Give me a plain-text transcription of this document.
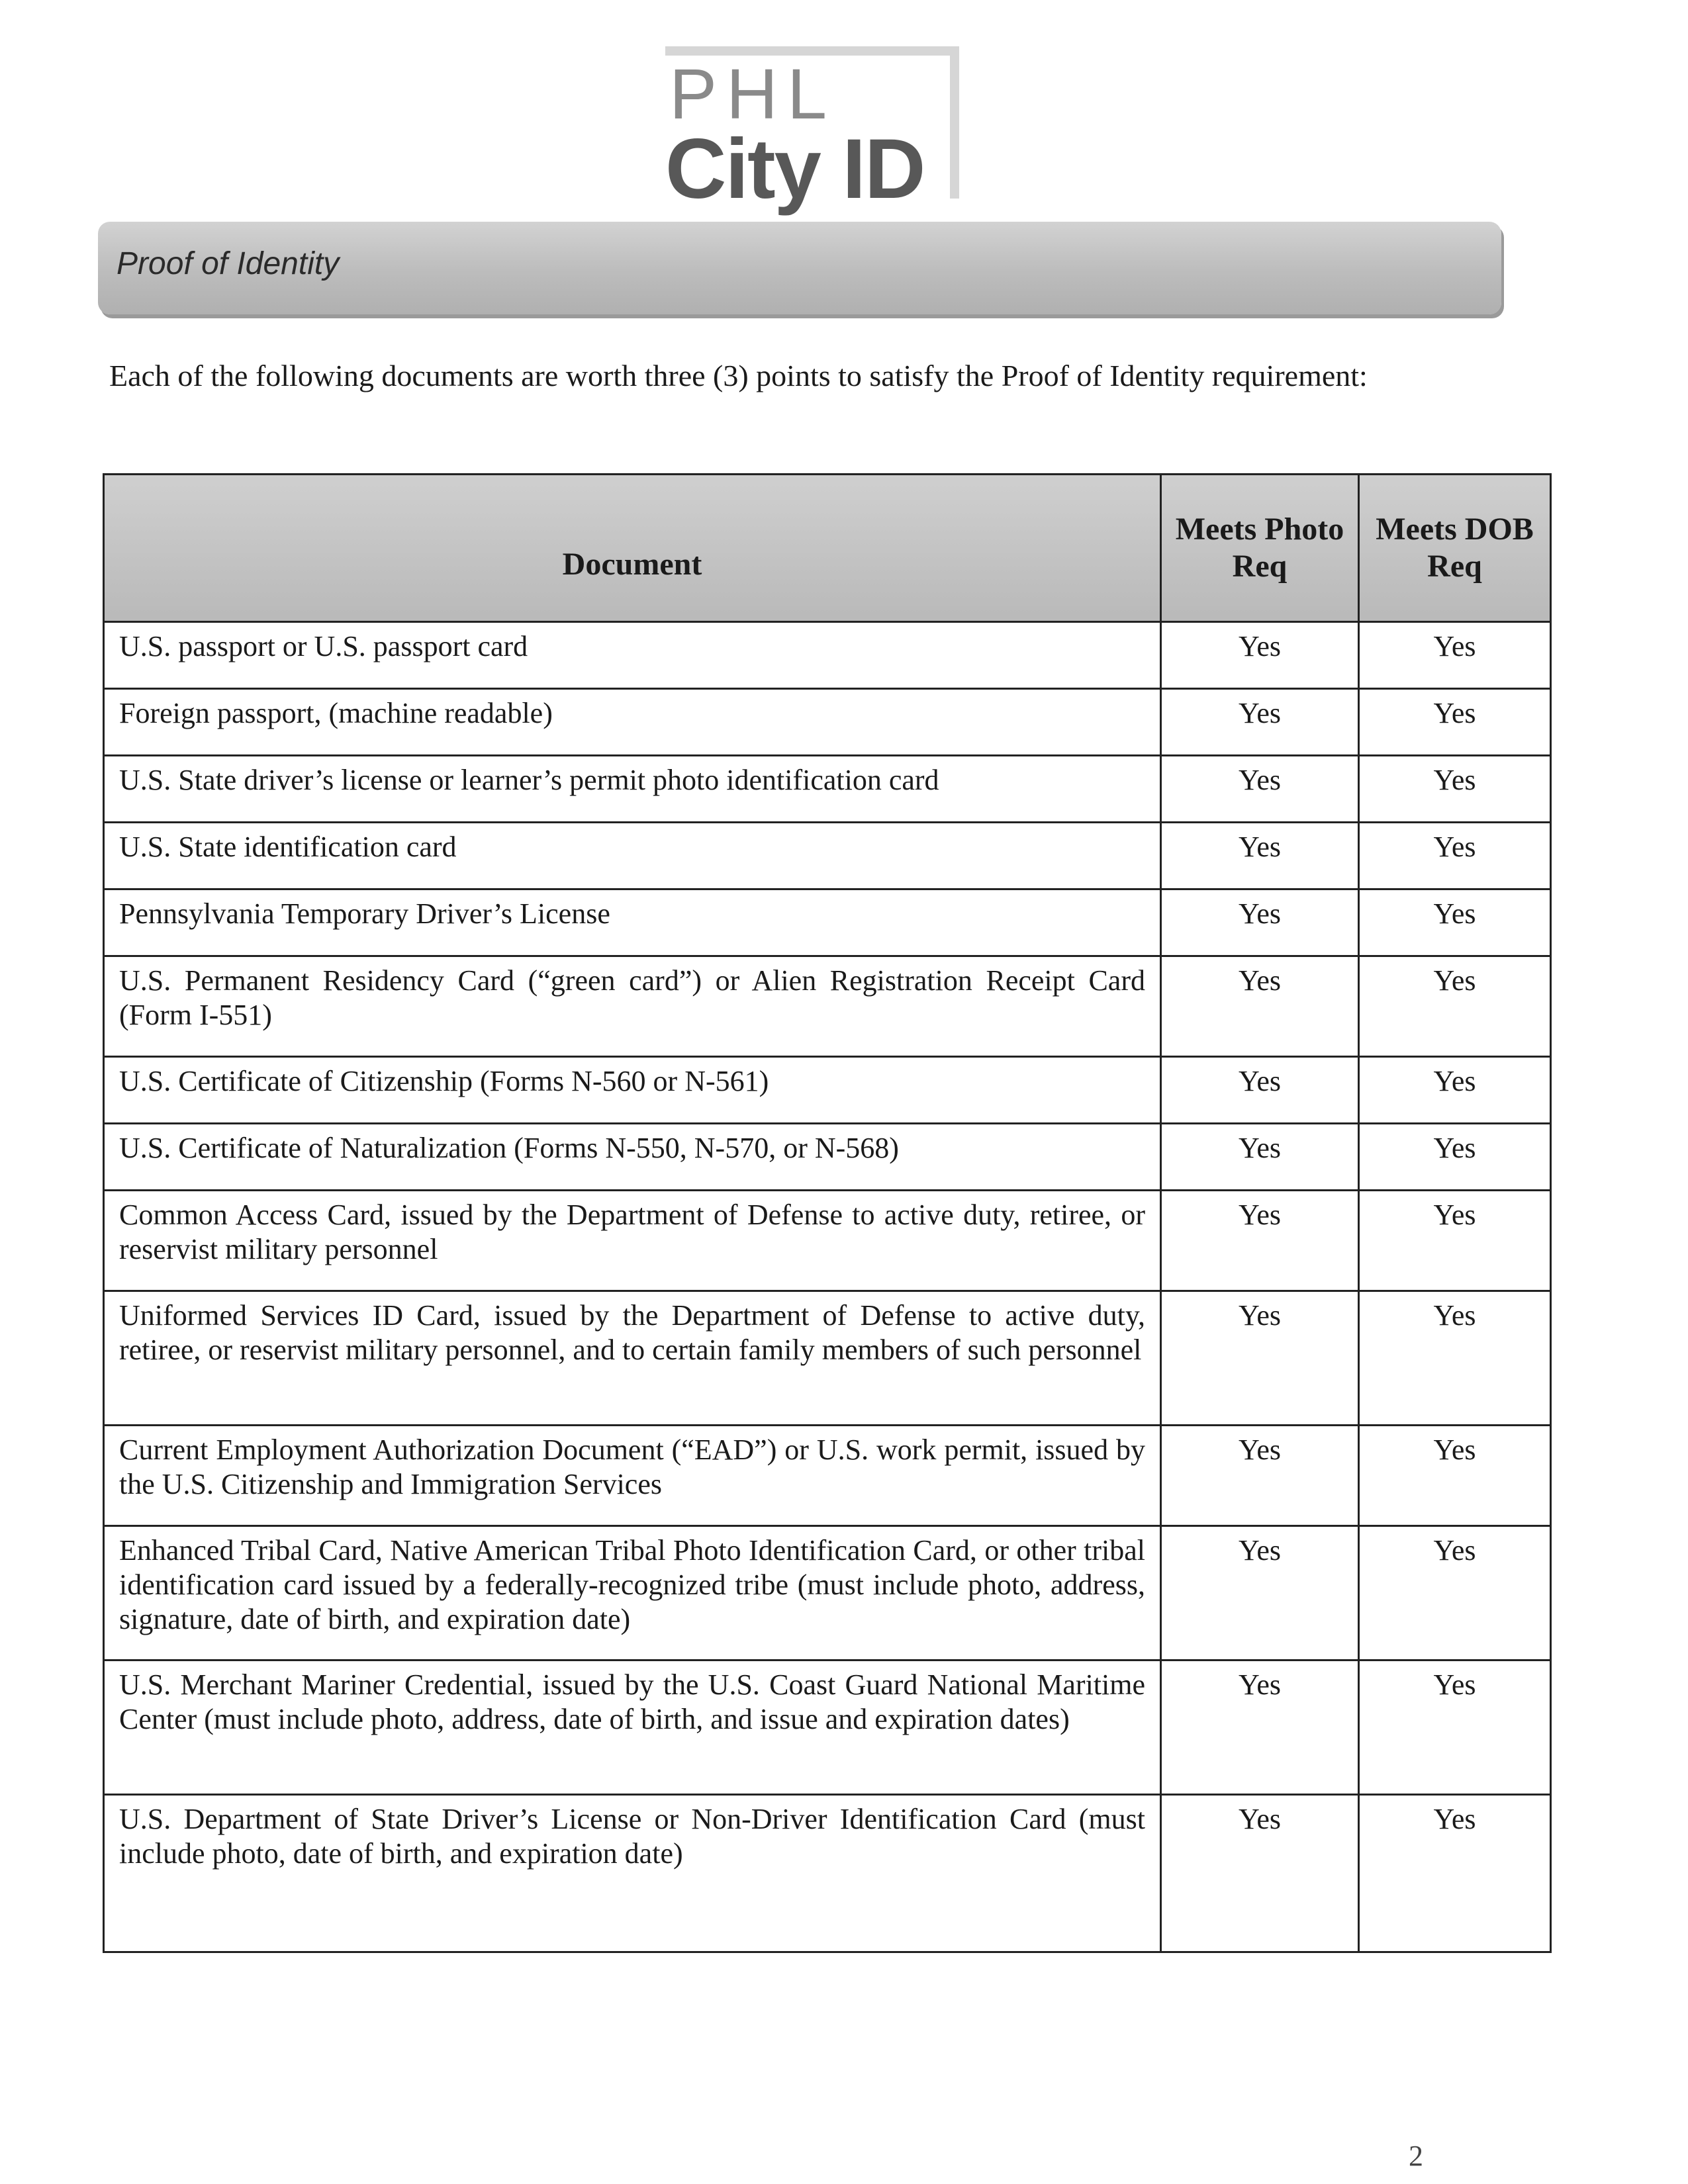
PHL
City ID
Proof of Identity
Each of the following documents are worth three (3) points to satisfy the Proof of Identity requirement:
Document	Meets Photo Req	Meets DOB Req
U.S. passport or U.S. passport card	Yes	Yes
Foreign passport, (machine readable)	Yes	Yes
U.S. State driver’s license or learner’s permit photo identification card	Yes	Yes
U.S. State identification card	Yes	Yes
Pennsylvania Temporary Driver’s License	Yes	Yes
U.S. Permanent Residency Card (“green card”) or Alien Registration Receipt Card (Form I-551)	Yes	Yes
U.S. Certificate of Citizenship (Forms N-560 or N-561)	Yes	Yes
U.S. Certificate of Naturalization (Forms N-550, N-570, or N-568)	Yes	Yes
Common Access Card, issued by the Department of Defense to active duty, retiree, or reservist military personnel	Yes	Yes
Uniformed Services ID Card, issued by the Department of Defense to active duty, retiree, or reservist military personnel, and to certain family members of such personnel	Yes	Yes
Current Employment Authorization Document (“EAD”) or U.S. work permit, issued by the U.S. Citizenship and Immigration Services	Yes	Yes
Enhanced Tribal Card, Native American Tribal Photo Identification Card, or other tribal identification card issued by a federally-recognized tribe (must include photo, address, signature, date of birth, and expiration date)	Yes	Yes
U.S. Merchant Mariner Credential, issued by the U.S. Coast Guard National Maritime Center (must include photo, address, date of birth, and issue and expiration dates)	Yes	Yes
U.S. Department of State Driver’s License or Non-Driver Identification Card (must include photo, date of birth, and expiration date)	Yes	Yes
2
